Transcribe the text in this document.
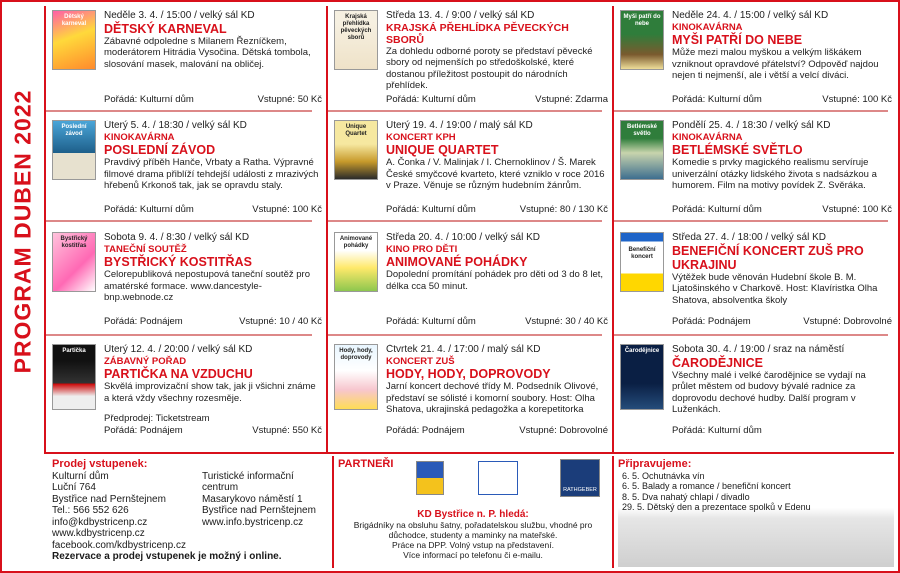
PROGRAM DUBEN 2022
Dětský karneval
Neděle 3. 4. / 15:00 / velký sál KD
DĚTSKÝ KARNEVAL
Zábavné odpoledne s Milanem Řezníčkem, moderátorem Hitrádia Vysočina. Dětská tombola, slosování masek, malování na obličej.
Pořádá: Kulturní dům	Vstupné: 50 Kč
Krajská přehlídka pěveckých sborů
Středa 13. 4. / 9:00 / velký sál KD
KRAJSKÁ PŘEHLÍDKA PĚVECKÝCH SBORŮ
Za dohledu odborné poroty se představí pěvecké sbory od nejmenších po středoškolské, které dostanou příležitost postoupit do národních přehlídek.
Pořádá: Kulturní dům	Vstupné: Zdarma
Myši patří do nebe
Neděle 24. 4. / 15:00 / velký sál KD
KINOKAVÁRNA
MYŠI PATŘÍ DO NEBE
Může mezi malou myškou a velkým liškákem vzniknout opravdové přátelství? Odpověď najdou nejen ti nejmenší, ale i větší a velcí diváci.
Pořádá: Kulturní dům	Vstupné: 100 Kč
Poslední závod
Úterý 5. 4. / 18:30 / velký sál KD
KINOKAVÁRNA
POSLEDNÍ ZÁVOD
Pravdivý příběh Hanče, Vrbaty a Ratha. Výpravné filmové drama přiblíží tehdejší události z mrazivých hřebenů Krkonoš tak, jak se opravdu staly.
Pořádá: Kulturní dům	Vstupné: 100 Kč
Unique Quartet
Úterý 19. 4. / 19:00 / malý sál KD
KONCERT KPH
UNIQUE QUARTET
A. Čonka / V. Malinjak / I. Chernoklinov / Š. Marek České smyčcové kvarteto, které vzniklo v roce 2016 v Praze. Věnuje se různým hudebním žánrům.
Pořádá: Kulturní dům	Vstupné: 80 / 130 Kč
Betlémské světlo
Pondělí 25. 4. / 18:30 / velký sál KD
KINOKAVÁRNA
BETLÉMSKÉ SVĚTLO
Komedie s prvky magického realismu servíruje univerzální otázky lidského života s nadsázkou a humorem. Film na motivy povídek Z. Svěráka.
Pořádá: Kulturní dům	Vstupné: 100 Kč
Bystřický kostitřas
Sobota 9. 4. / 8:30 / velký sál KD
TANEČNÍ SOUTĚŽ
BYSTŘICKÝ KOSTITŘAS
Celorepubliková nepostupová taneční soutěž pro amatérské formace. www.dancestyle-bnp.webnode.cz
Pořádá: Podnájem	Vstupné: 10 / 40 Kč
Animované pohádky
Středa 20. 4. / 10:00 / velký sál KD
KINO PRO DĚTI
ANIMOVANÉ POHÁDKY
Dopolední promítání pohádek pro děti od 3 do 8 let, délka cca 50 minut.
Pořádá: Kulturní dům	Vstupné: 30 / 40 Kč
Benefiční koncert
Středa 27. 4. / 18:00 / velký sál KD
BENEFIČNÍ KONCERT ZUŠ PRO UKRAJINU
Výtěžek bude věnován Hudební škole B. M. Ljatošinského v Charkově. Host: Klavíristka Olha Shatova, absolventka školy
Pořádá: Podnájem	Vstupné: Dobrovolné
Partička	Úterý 12. 4. / 20:00 / velký sál KD
ZÁBAVNÝ POŘAD
PARTIČKA NA VZDUCHU
Skvělá improvizační show tak, jak ji všichni známe a která vždy všechny rozesměje.
Předprodej: Ticketstream
Pořádá: Podnájem	Vstupné: 550 Kč
Hody, hody, doprovody
Čtvrtek 21. 4. / 17:00 / malý sál KD
KONCERT ZUŠ
HODY, HODY, DOPROVODY
Jarní koncert dechové třídy M. Podsedník Olivové, představí se sólisté i komorní soubory. Host: Olha Shatova, ukrajinská pedagožka a korepetitorka
Pořádá: Podnájem	Vstupné: Dobrovolné
Čarodějnice Sobota 30. 4. / 19:00 / sraz na náměstí
ČARODĚJNICE
Všechny malé i velké čarodějnice se vydají na průlet městem od budovy bývalé radnice za doprovodu dechové hudby. Další program v Luženkách.
Pořádá: Kulturní dům
Prodej vstupenek:
Kulturní dům
Luční 764
Bystřice nad Pernštejnem
Tel.: 566 552 626
info@kdbystricenp.cz
www.kdbystricenp.cz
facebook.com/kdbystricenp.cz
Turistické informační centrum
Masarykovo náměstí 1
Bystřice nad Pernštejnem
www.info.bystricenp.cz
Rezervace a prodej vstupenek je možný i online.
PARTNEŘI
RATHGEBER
KD Bystřice n. P. hledá:
Brigádníky na obsluhu šatny, pořadatelskou službu, vhodné pro důchodce, studenty a maminky na mateřské.
Práce na DPP. Volný vstup na představení.
Více informací po telefonu či e-mailu.
Připravujeme:
6. 5. Ochutnávka vín
6. 5. Balady a romance / benefiční koncert
8. 5. Dva nahatý chlapi / divadlo
29. 5. Dětský den a prezentace spolků v Edenu
